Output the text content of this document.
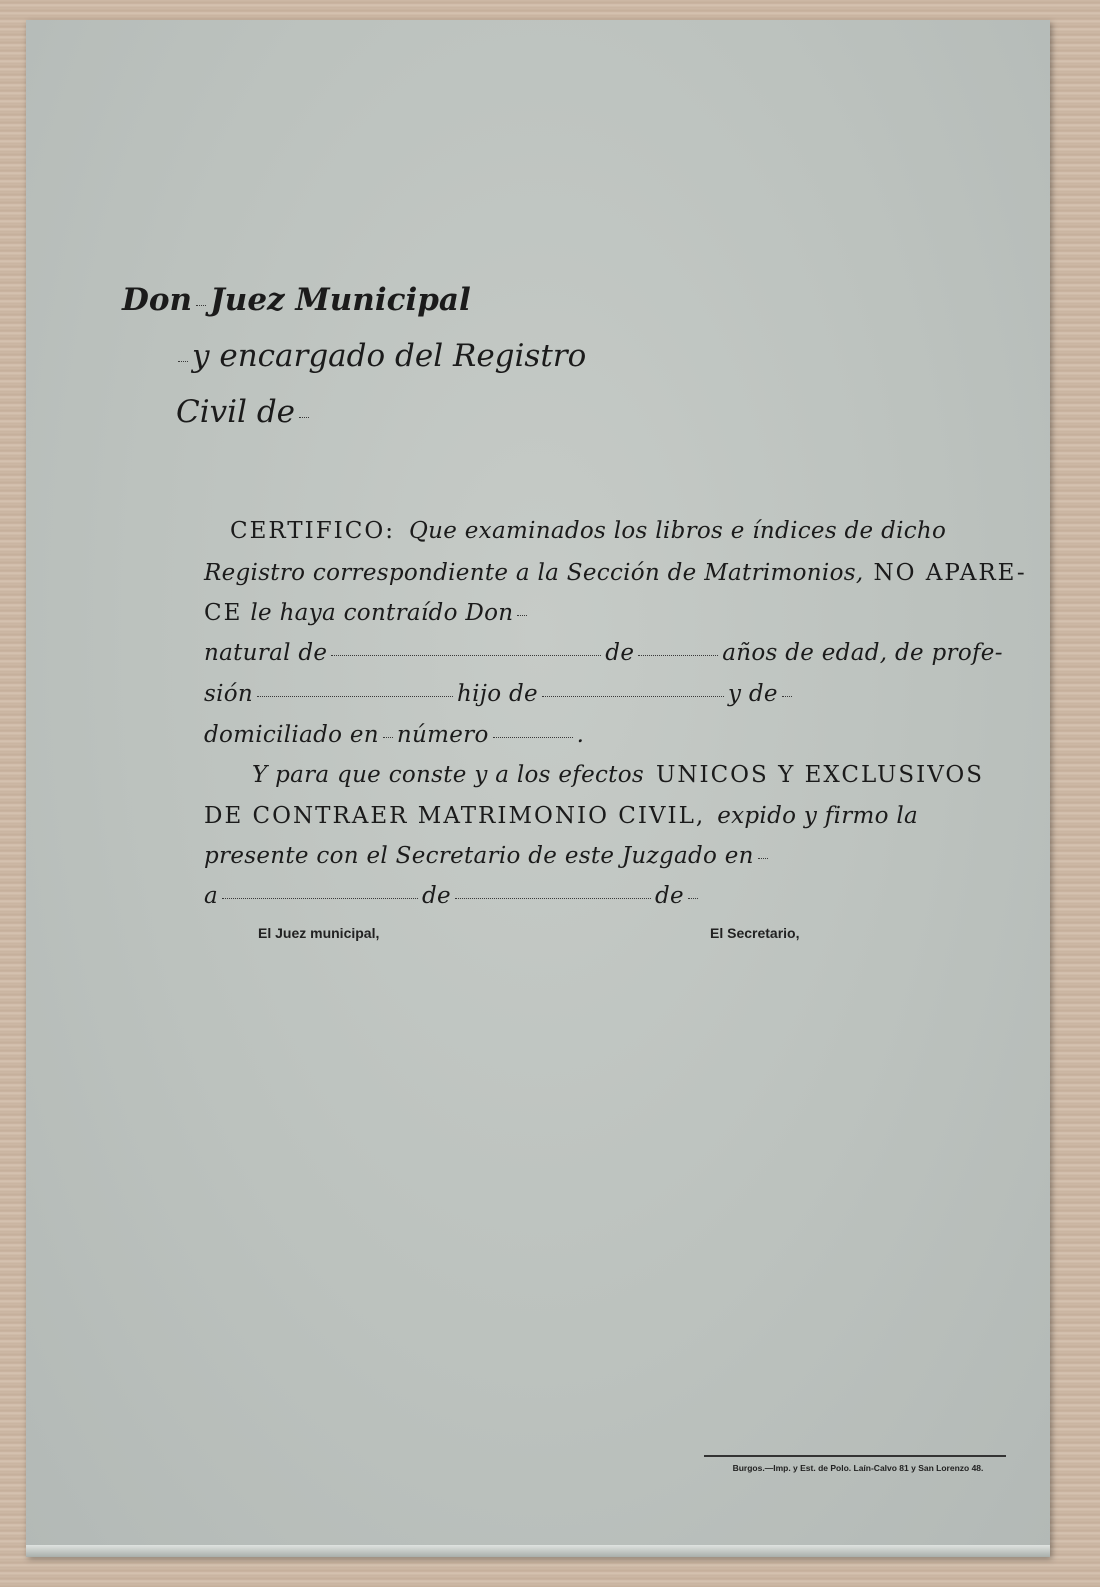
Don Juez Municipal
y encargado del Registro
Civil de
CERTIFICO: Que examinados los libros e índices de dicho
Registro correspondiente a la Sección de Matrimonios, NO APARE-
CE le haya contraído Don
natural de	de	años de edad, de profe-
sión	hijo de	y de
domiciliado en número	.
Y para que conste y a los efectos UNICOS Y EXCLUSIVOS
DE CONTRAER MATRIMONIO CIVIL, expido y firmo la
presente con el Secretario de este Juzgado en
a	de	de
El Juez municipal,	El Secretario,
Burgos.—Imp. y Est. de Polo. Laín-Calvo 81 y San Lorenzo 48.
